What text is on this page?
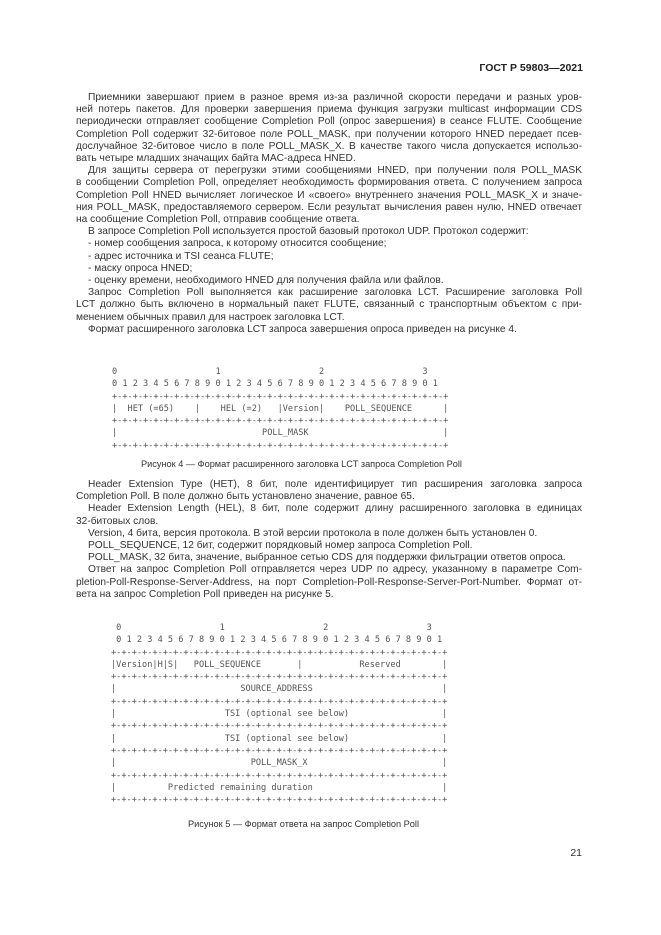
ГОСТ Р 59803—2021
Приемники завершают прием в разное время из-за различной скорости передачи и разных уров-
ней потерь пакетов. Для проверки завершения приема функция загрузки multicast информации CDS
периодически отправляет сообщение Completion Poll (опрос завершения) в сеансе FLUTE. Сообщение
Completion Poll содержит 32-битовое поле POLL_MASK, при получении которого HNED передает псев-
дослучайное 32-битовое число в поле POLL_MASK_X. В качестве такого числа допускается использо-
вать четыре младших значащих байта MAC-адреса HNED.
Для защиты сервера от перегрузки этими сообщениями HNED, при получении поля POLL_MASK
в сообщении Completion Poll, определяет необходимость формирования ответа. С получением запроса
Completion Poll HNED вычисляет логическое И «своего» внутреннего значения POLL_MASK_X и значе-
ния POLL_MASK, предоставляемого сервером. Если результат вычисления равен нулю, HNED отвечает
на сообщение Completion Poll, отправив сообщение ответа.
В запросе Completion Poll используется простой базовый протокол UDP. Протокол содержит:
- номер сообщения запроса, к которому относится сообщение;
- адрес источника и TSI сеанса FLUTE;
- маску опроса HNED;
- оценку времени, необходимого HNED для получения файла или файлов.
Запрос Completion Poll выполняется как расширение заголовка LCT. Расширение заголовка Poll
LCT должно быть включено в нормальный пакет FLUTE, связанный с транспортным объектом с при-
менением обычных правил для настроек заголовка LCT.
Формат расширенного заголовка LCT запроса завершения опроса приведен на рисунке 4.
0                   1                   2                   3
0 1 2 3 4 5 6 7 8 9 0 1 2 3 4 5 6 7 8 9 0 1 2 3 4 5 6 7 8 9 0 1
+-+-+-+-+-+-+-+-+-+-+-+-+-+-+-+-+-+-+-+-+-+-+-+-+-+-+-+-+-+-+-+-+
|  HET (=65)    |    HEL (=2)   |Version|    POLL_SEQUENCE      |
+-+-+-+-+-+-+-+-+-+-+-+-+-+-+-+-+-+-+-+-+-+-+-+-+-+-+-+-+-+-+-+-+
|                            POLL_MASK                          |
+-+-+-+-+-+-+-+-+-+-+-+-+-+-+-+-+-+-+-+-+-+-+-+-+-+-+-+-+-+-+-+-+
Рисунок 4 — Формат расширенного заголовка LCT запроса Completion Poll
Header Extension Type (HET), 8 бит, поле идентифицирует тип расширения заголовка запроса
Completion Poll. В поле должно быть установлено значение, равное 65.
Header Extension Length (HEL), 8 бит, поле содержит длину расширенного заголовка в единицах
32-битовых слов.
Version, 4 бита, версия протокола. В этой версии протокола в поле должен быть установлен 0.
POLL_SEQUENCE, 12 бит, содержит порядковый номер запроса Completion Poll.
POLL_MASK, 32 бита, значение, выбранное сетью CDS для поддержки фильтрации ответов опроса.
Ответ на запрос Completion Poll отправляется через UDP по адресу, указанному в параметре Com-
pletion-Poll-Response-Server-Address, на порт Completion-Poll-Response-Server-Port-Number. Формат от-
вета на запрос Completion Poll приведен на рисунке 5.
0                   1                   2                   3
0 1 2 3 4 5 6 7 8 9 0 1 2 3 4 5 6 7 8 9 0 1 2 3 4 5 6 7 8 9 0 1
+-+-+-+-+-+-+-+-+-+-+-+-+-+-+-+-+-+-+-+-+-+-+-+-+-+-+-+-+-+-+-+-+
|Version|H|S|   POLL_SEQUENCE       |           Reserved        |
+-+-+-+-+-+-+-+-+-+-+-+-+-+-+-+-+-+-+-+-+-+-+-+-+-+-+-+-+-+-+-+-+
|                        SOURCE_ADDRESS                         |
+-+-+-+-+-+-+-+-+-+-+-+-+-+-+-+-+-+-+-+-+-+-+-+-+-+-+-+-+-+-+-+-+
|                     TSI (optional see below)                  |
+-+-+-+-+-+-+-+-+-+-+-+-+-+-+-+-+-+-+-+-+-+-+-+-+-+-+-+-+-+-+-+-+
|                     TSI (optional see below)                  |
+-+-+-+-+-+-+-+-+-+-+-+-+-+-+-+-+-+-+-+-+-+-+-+-+-+-+-+-+-+-+-+-+
|                          POLL_MASK_X                          |
+-+-+-+-+-+-+-+-+-+-+-+-+-+-+-+-+-+-+-+-+-+-+-+-+-+-+-+-+-+-+-+-+
|          Predicted remaining duration                         |
+-+-+-+-+-+-+-+-+-+-+-+-+-+-+-+-+-+-+-+-+-+-+-+-+-+-+-+-+-+-+-+-+
Рисунок 5 — Формат ответа на запрос Completion Poll
21
